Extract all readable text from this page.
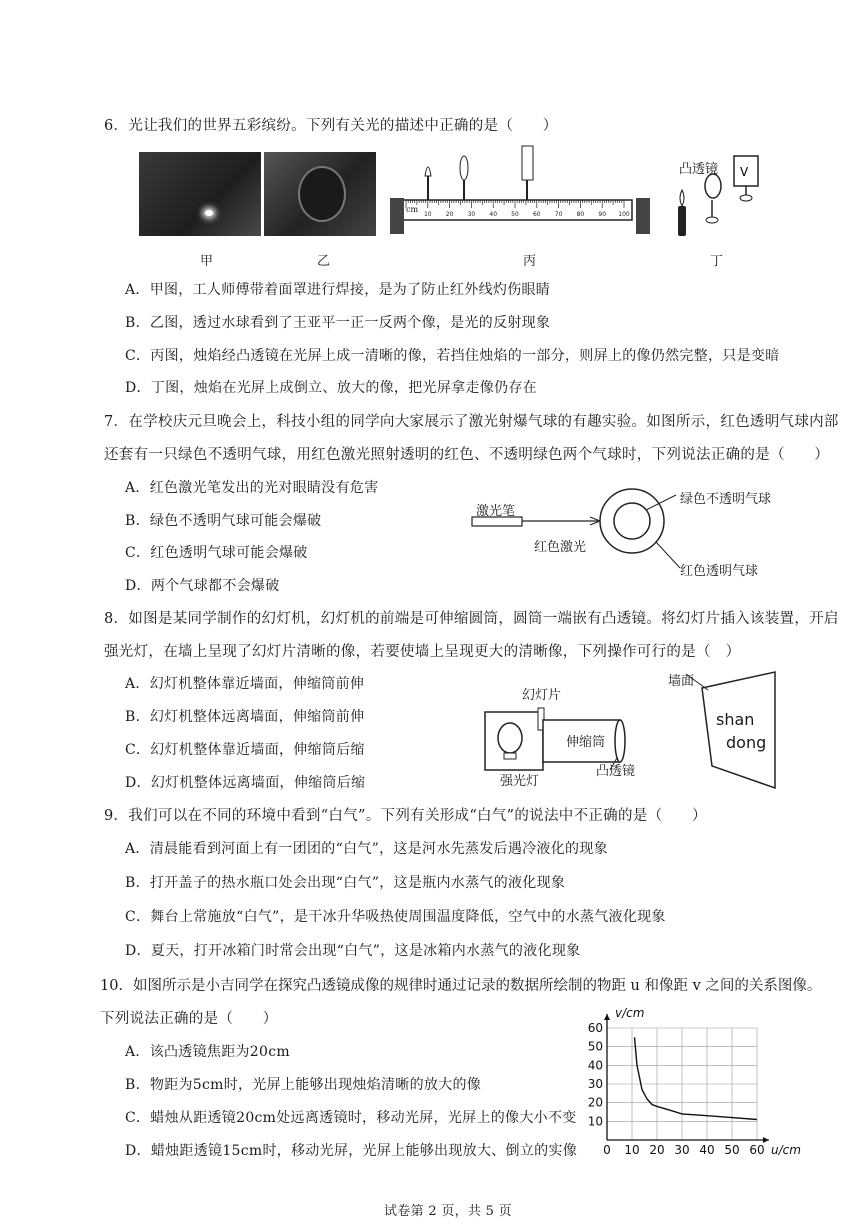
6．光让我们的世界五彩缤纷。下列有关光的描述中正确的是（　　）
10 20 30 40 50 60 70 80 90 100
cm
V
凸透镜
甲	乙	丙	丁
A．甲图，工人师傅带着面罩进行焊接，是为了防止红外线灼伤眼睛
B．乙图，透过水球看到了王亚平一正一反两个像，是光的反射现象
C．丙图，烛焰经凸透镜在光屏上成一清晰的像，若挡住烛焰的一部分，则屏上的像仍然完整，只是变暗
D．丁图，烛焰在光屏上成倒立、放大的像，把光屏拿走像仍存在
7．在学校庆元旦晚会上，科技小组的同学向大家展示了激光射爆气球的有趣实验。如图所示，红色透明气球内部
还套有一只绿色不透明气球，用红色激光照射透明的红色、不透明绿色两个气球时，下列说法正确的是（　　）
A．红色激光笔发出的光对眼睛没有危害
B．绿色不透明气球可能会爆破
C．红色透明气球可能会爆破
D．两个气球都不会爆破
激光笔
红色激光
绿色不透明气球
红色透明气球
8．如图是某同学制作的幻灯机，幻灯机的前端是可伸缩圆筒，圆筒一端嵌有凸透镜。将幻灯片插入该装置，开启
强光灯，在墙上呈现了幻灯片清晰的像，若要使墙上呈现更大的清晰像，下列操作可行的是（　）
A．幻灯机整体靠近墙面，伸缩筒前伸
B．幻灯机整体远离墙面，伸缩筒前伸
C．幻灯机整体靠近墙面，伸缩筒后缩
D．幻灯机整体远离墙面，伸缩筒后缩
幻灯片
伸缩筒
强光灯
凸透镜
墙面
shan
dong
9．我们可以在不同的环境中看到“白气”。下列有关形成“白气”的说法中不正确的是（　　）
A．清晨能看到河面上有一团团的“白气”，这是河水先蒸发后遇冷液化的现象
B．打开盖子的热水瓶口处会出现“白气”，这是瓶内水蒸气的液化现象
C．舞台上常施放“白气”，是干冰升华吸热使周围温度降低，空气中的水蒸气液化现象
D．夏天，打开冰箱门时常会出现“白气”，这是冰箱内水蒸气的液化现象
10．如图所示是小吉同学在探究凸透镜成像的规律时通过记录的数据所绘制的物距 u 和像距 v 之间的关系图像。
下列说法正确的是（　　）
A．该凸透镜焦距为20cm
B．物距为5cm时，光屏上能够出现烛焰清晰的放大的像
C．蜡烛从距透镜20cm处远离透镜时，移动光屏，光屏上的像大小不变
D．蜡烛距透镜15cm时，移动光屏，光屏上能够出现放大、倒立的实像 0 10 20 30 40 50 60
10
20
30
40
50
60
u/cm
v/cm
试卷第 2 页，共 5 页
